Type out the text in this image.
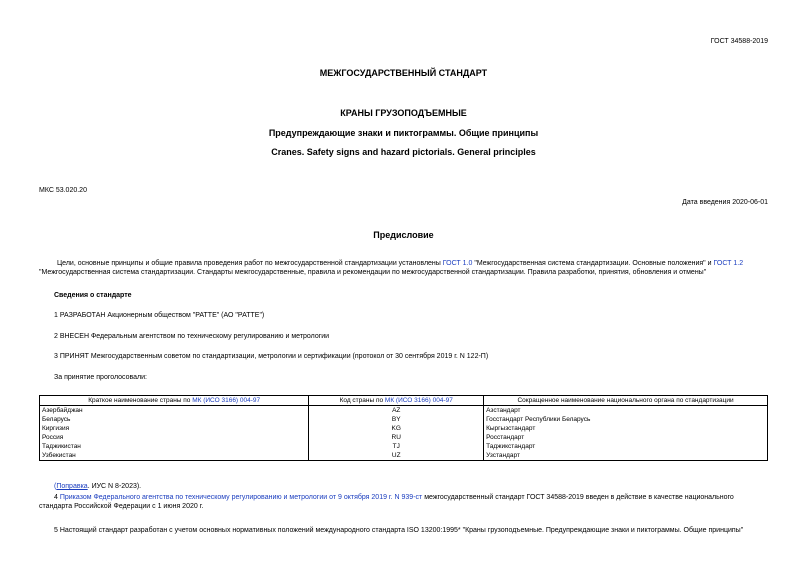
ГОСТ 34588-2019
МЕЖГОСУДАРСТВЕННЫЙ СТАНДАРТ
КРАНЫ ГРУЗОПОДЪЕМНЫЕ
Предупреждающие знаки и пиктограммы. Общие принципы
Cranes. Safety signs and hazard pictorials. General principles
МКС 53.020.20
Дата введения 2020-06-01
Предисловие
Цели, основные принципы и общие правила проведения работ по межгосударственной стандартизации установлены ГОСТ 1.0 "Межгосударственная система стандартизации. Основные положения" и ГОСТ 1.2
"Межгосударственная система стандартизации. Стандарты межгосударственные, правила и рекомендации по межгосударственной стандартизации. Правила разработки, принятия, обновления и отмены"
Сведения о стандарте
1 РАЗРАБОТАН Акционерным обществом "РАТТЕ" (АО "РАТТЕ")
2 ВНЕСЕН Федеральным агентством по техническому регулированию и метрологии
3 ПРИНЯТ Межгосударственным советом по стандартизации, метрологии и сертификации (протокол от 30 сентября 2019 г. N 122-П)
За принятие проголосовали:
Краткое наименование страны по МК (ИСО 3166) 004-97	Код страны по МК (ИСО 3166) 004-97	Сокращенное наименование национального органа по стандартизации
Азербайджан	AZ	Азстандарт
Беларусь	BY	Госстандарт Республики Беларусь
Киргизия	KG	Кыргызстандарт
Россия	RU	Росстандарт
Таджикистан	TJ	Таджикстандарт
Узбекистан	UZ	Узстандарт
(Поправка. ИУС N 8-2023).
4 Приказом Федерального агентства по техническому регулированию и метрологии от 9 октября 2019 г. N 939-ст межгосударственный стандарт ГОСТ 34588-2019 введен в действие в качестве национального
стандарта Российской Федерации с 1 июня 2020 г.
5 Настоящий стандарт разработан с учетом основных нормативных положений международного стандарта ISO 13200:1995* "Краны грузоподъемные. Предупреждающие знаки и пиктограммы. Общие принципы"
